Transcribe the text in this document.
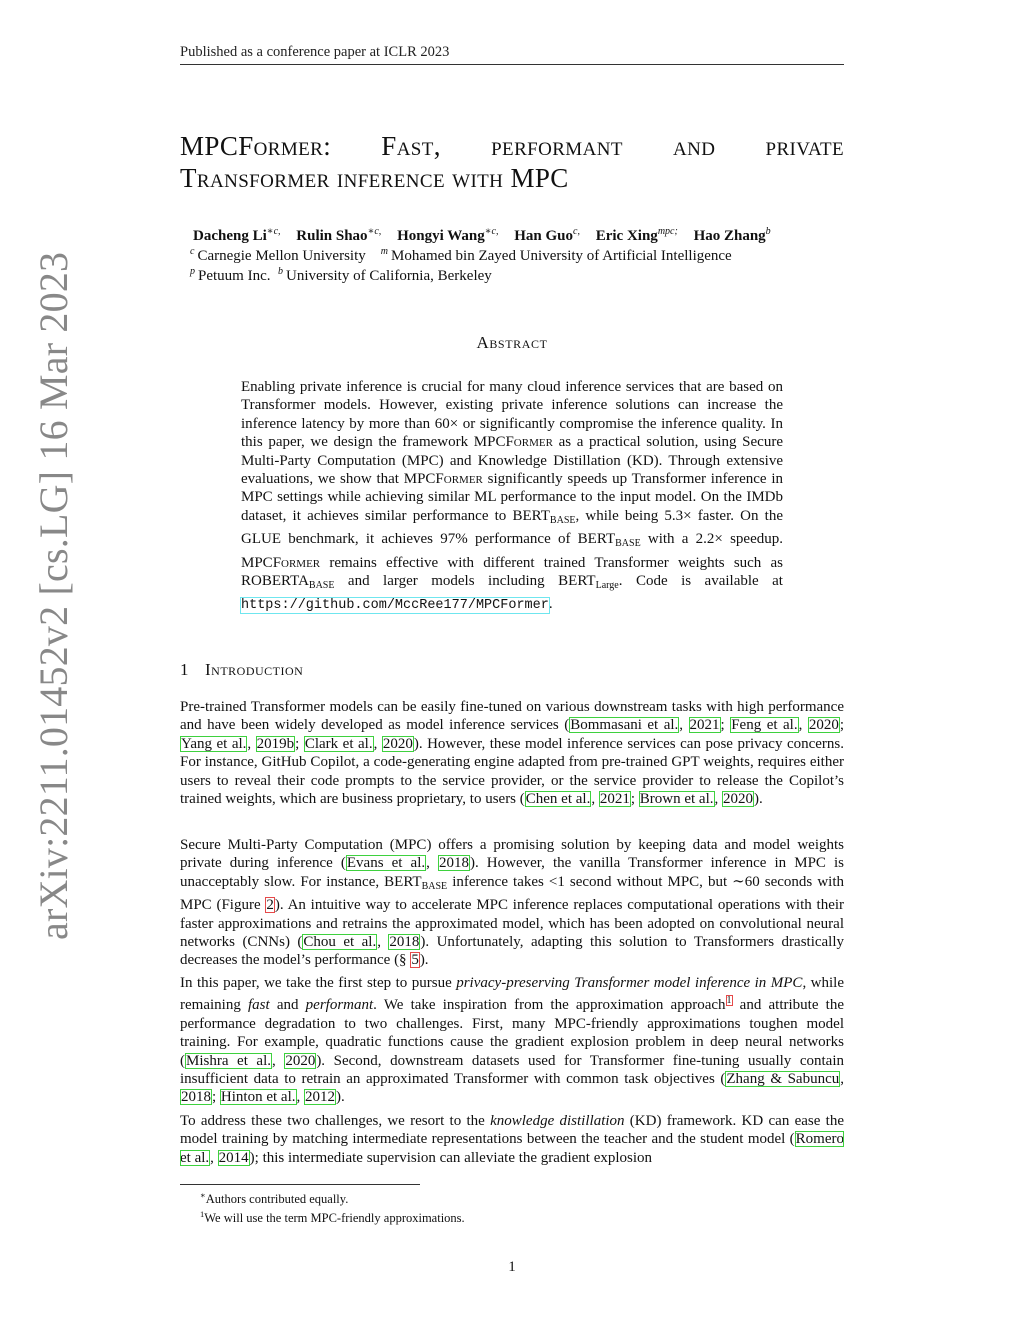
arXiv:2211.01452v2 [cs.LG] 16 Mar 2023
Published as a conference paper at ICLR 2023
MPCFormer: Fast, performant and private
Transformer inference with MPC
Dacheng $Li^{∗c,}$ Rulin Shao$^{∗c,}$ Hongyi Wang$^{∗c,}$ Han Guo$^{c,}$ Eric Xing$^{mpc;}$ Hao Zhang$^b$
$^c$ Carnegie Mellon University $^m$ Mohamed bin Zayed University of Artificial Intelligence
$^p$ Petuum Inc. $^b$ University of California, Berkeley
Abstract
Enabling private inference is crucial for many cloud inference services that are based on Transformer models. However, existing private inference solutions can increase the inference latency by more than 60× or significantly compromise the inference quality. In this paper, we design the framework MPCFormer as a practical solution, using Secure Multi-Party Computation (MPC) and Knowledge Distillation (KD). Through extensive evaluations, we show that MPCFormer significantly speeds up Transformer inference in MPC settings while achieving similar ML performance to the input model. On the IMDb dataset, it achieves similar performance to $BERT_{BASE}$, while being 5.3× faster. On the GLUE benchmark, it achieves 97% performance of $BERT_{BASE}$ with a 2.2× speedup. MPCFormer remains effective with different trained Transformer weights such as $ROBERTA_{BASE}$ and larger models including $BERT_{Large}$. Code is available at https://github.com/MccRee177/MPCFormer.
1 Introduction
Pre-trained Transformer models can be easily fine-tuned on various downstream tasks with high performance and have been widely developed as model inference services (Bommasani et al., 2021; Feng et al., 2020; Yang et al., 2019b; Clark et al., 2020). However, these model inference services can pose privacy concerns. For instance, GitHub Copilot, a code-generating engine adapted from pre-trained GPT weights, requires either users to reveal their code prompts to the service provider, or the service provider to release the Copilot’s trained weights, which are business proprietary, to users (Chen et al., 2021; Brown et al., 2020).
Secure Multi-Party Computation (MPC) offers a promising solution by keeping data and model weights private during inference (Evans et al., 2018). However, the vanilla Transformer inference in MPC is unacceptably slow. For instance, $BERT_{BASE}$ inference takes <1 second without MPC, but ∼60 seconds with MPC (Figure 2). An intuitive way to accelerate MPC inference replaces computational operations with their faster approximations and retrains the approximated model, which has been adopted on convolutional neural networks (CNNs) (Chou et al., 2018). Unfortunately, adapting this solution to Transformers drastically decreases the model’s performance (§ 5).
In this paper, we take the first step to pursue privacy-preserving Transformer model inference in MPC, while remaining fast and performant. We take inspiration from the approximation approach$^1$ and attribute the performance degradation to two challenges. First, many MPC-friendly approximations toughen model training. For example, quadratic functions cause the gradient explosion problem in deep neural networks (Mishra et al., 2020). Second, downstream datasets used for Transformer fine-tuning usually contain insufficient data to retrain an approximated Transformer with common task objectives (Zhang & Sabuncu, 2018; Hinton et al., 2012).
To address these two challenges, we resort to the knowledge distillation (KD) framework. KD can ease the model training by matching intermediate representations between the teacher and the student model (Romero et al., 2014); this intermediate supervision can alleviate the gradient explosion
∗Authors contributed equally.
$^1$We will use the term MPC-friendly approximations.
1
